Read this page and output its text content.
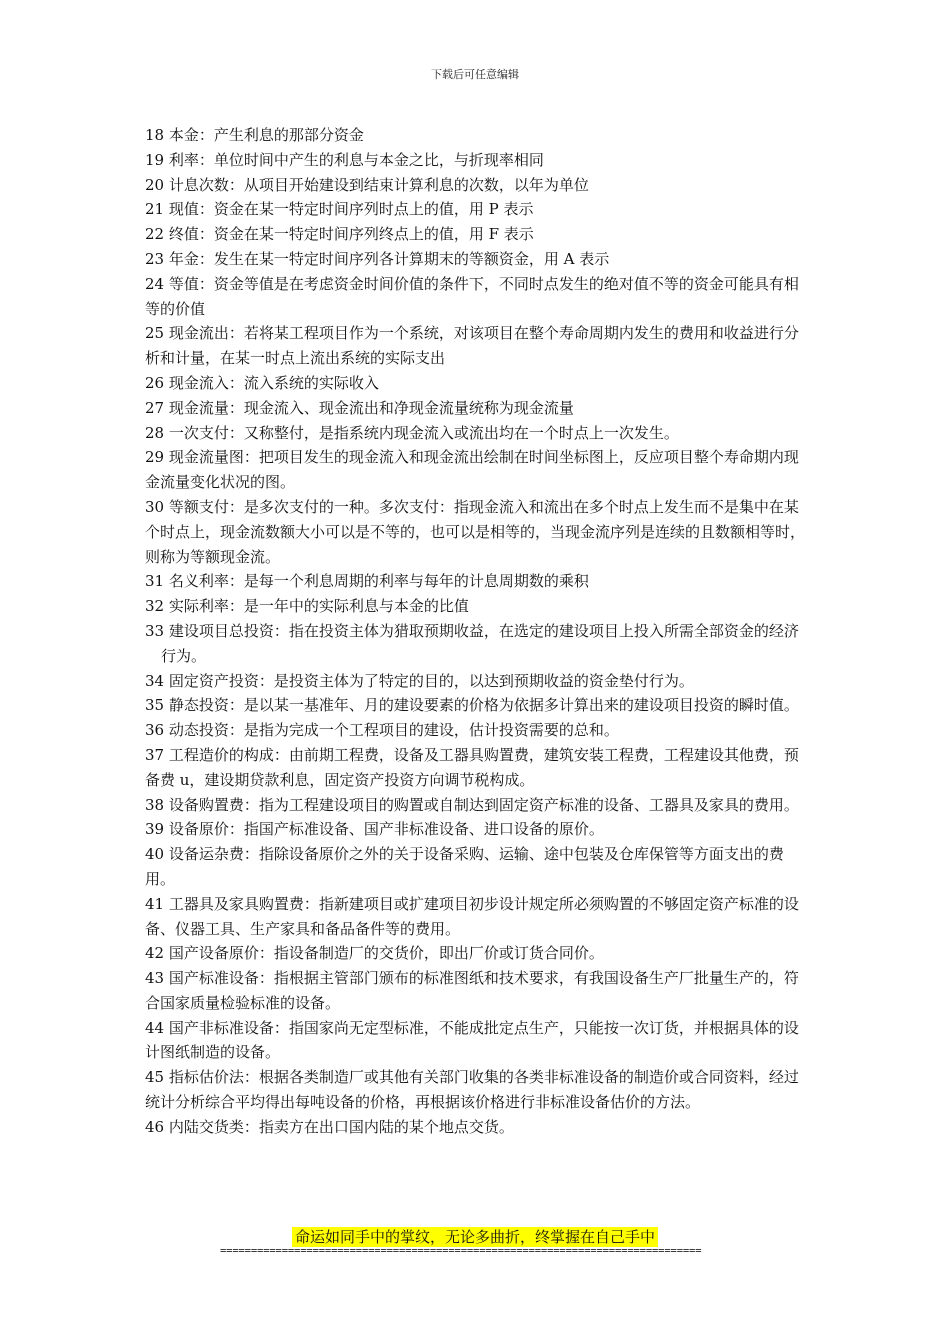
下载后可任意编辑

18 本金：产生利息的那部分资金

19 利率：单位时间中产生的利息与本金之比，与折现率相同

20 计息次数：从项目开始建设到结束计算利息的次数，以年为单位

21 现值：资金在某一特定时间序列时点上的值，用 P 表示

22 终值：资金在某一特定时间序列终点上的值，用 F 表示

23 年金：发生在某一特定时间序列各计算期末的等额资金，用 A 表示

24 等值：资金等值是在考虑资金时间价值的条件下，不同时点发生的绝对值不等的资金可能具有相等的价值

25 现金流出：若将某工程项目作为一个系统，对该项目在整个寿命周期内发生的费用和收益进行分析和计量，在某一时点上流出系统的实际支出

26 现金流入：流入系统的实际收入

27 现金流量：现金流入、现金流出和净现金流量统称为现金流量

28 一次支付：又称整付，是指系统内现金流入或流出均在一个时点上一次发生。

29 现金流量图：把项目发生的现金流入和现金流出绘制在时间坐标图上，反应项目整个寿命期内现金流量变化状况的图。

30 等额支付：是多次支付的一种。多次支付：指现金流入和流出在多个时点上发生而不是集中在某个时点上，现金流数额大小可以是不等的，也可以是相等的，当现金流序列是连续的且数额相等时，则称为等额现金流。

31 名义利率：是每一个利息周期的利率与每年的计息周期数的乘积

32 实际利率：是一年中的实际利息与本金的比值

33 建设项目总投资：指在投资主体为猎取预期收益，在选定的建设项目上投入所需全部资金的经济行为。

34 固定资产投资：是投资主体为了特定的目的，以达到预期收益的资金垫付行为。

35 静态投资：是以某一基准年、月的建设要素的价格为依据多计算出来的建设项目投资的瞬时值。

36 动态投资：是指为完成一个工程项目的建设，估计投资需要的总和。

37 工程造价的构成：由前期工程费，设备及工器具购置费，建筑安装工程费，工程建设其他费，预备费 u，建设期贷款利息，固定资产投资方向调节税构成。

38 设备购置费：指为工程建设项目的购置或自制达到固定资产标准的设备、工器具及家具的费用。

39 设备原价：指国产标准设备、国产非标准设备、进口设备的原价。

40 设备运杂费：指除设备原价之外的关于设备采购、运输、途中包装及仓库保管等方面支出的费用。

41 工器具及家具购置费：指新建项目或扩建项目初步设计规定所必须购置的不够固定资产标准的设备、仪器工具、生产家具和备品备件等的费用。

42 国产设备原价：指设备制造厂的交货价，即出厂价或订货合同价。

43 国产标准设备：指根据主管部门颁布的标准图纸和技术要求，有我国设备生产厂批量生产的，符合国家质量检验标准的设备。

44 国产非标准设备：指国家尚无定型标准，不能成批定点生产，只能按一次订货，并根据具体的设计图纸制造的设备。

45 指标估价法：根据各类制造厂或其他有关部门收集的各类非标准设备的制造价或合同资料，经过统计分析综合平均得出每吨设备的价格，再根据该价格进行非标准设备估价的方法。

46 内陆交货类：指卖方在出口国内陆的某个地点交货。

命运如同手中的掌纹，无论多曲折，终掌握在自己手中
==============================================================================
